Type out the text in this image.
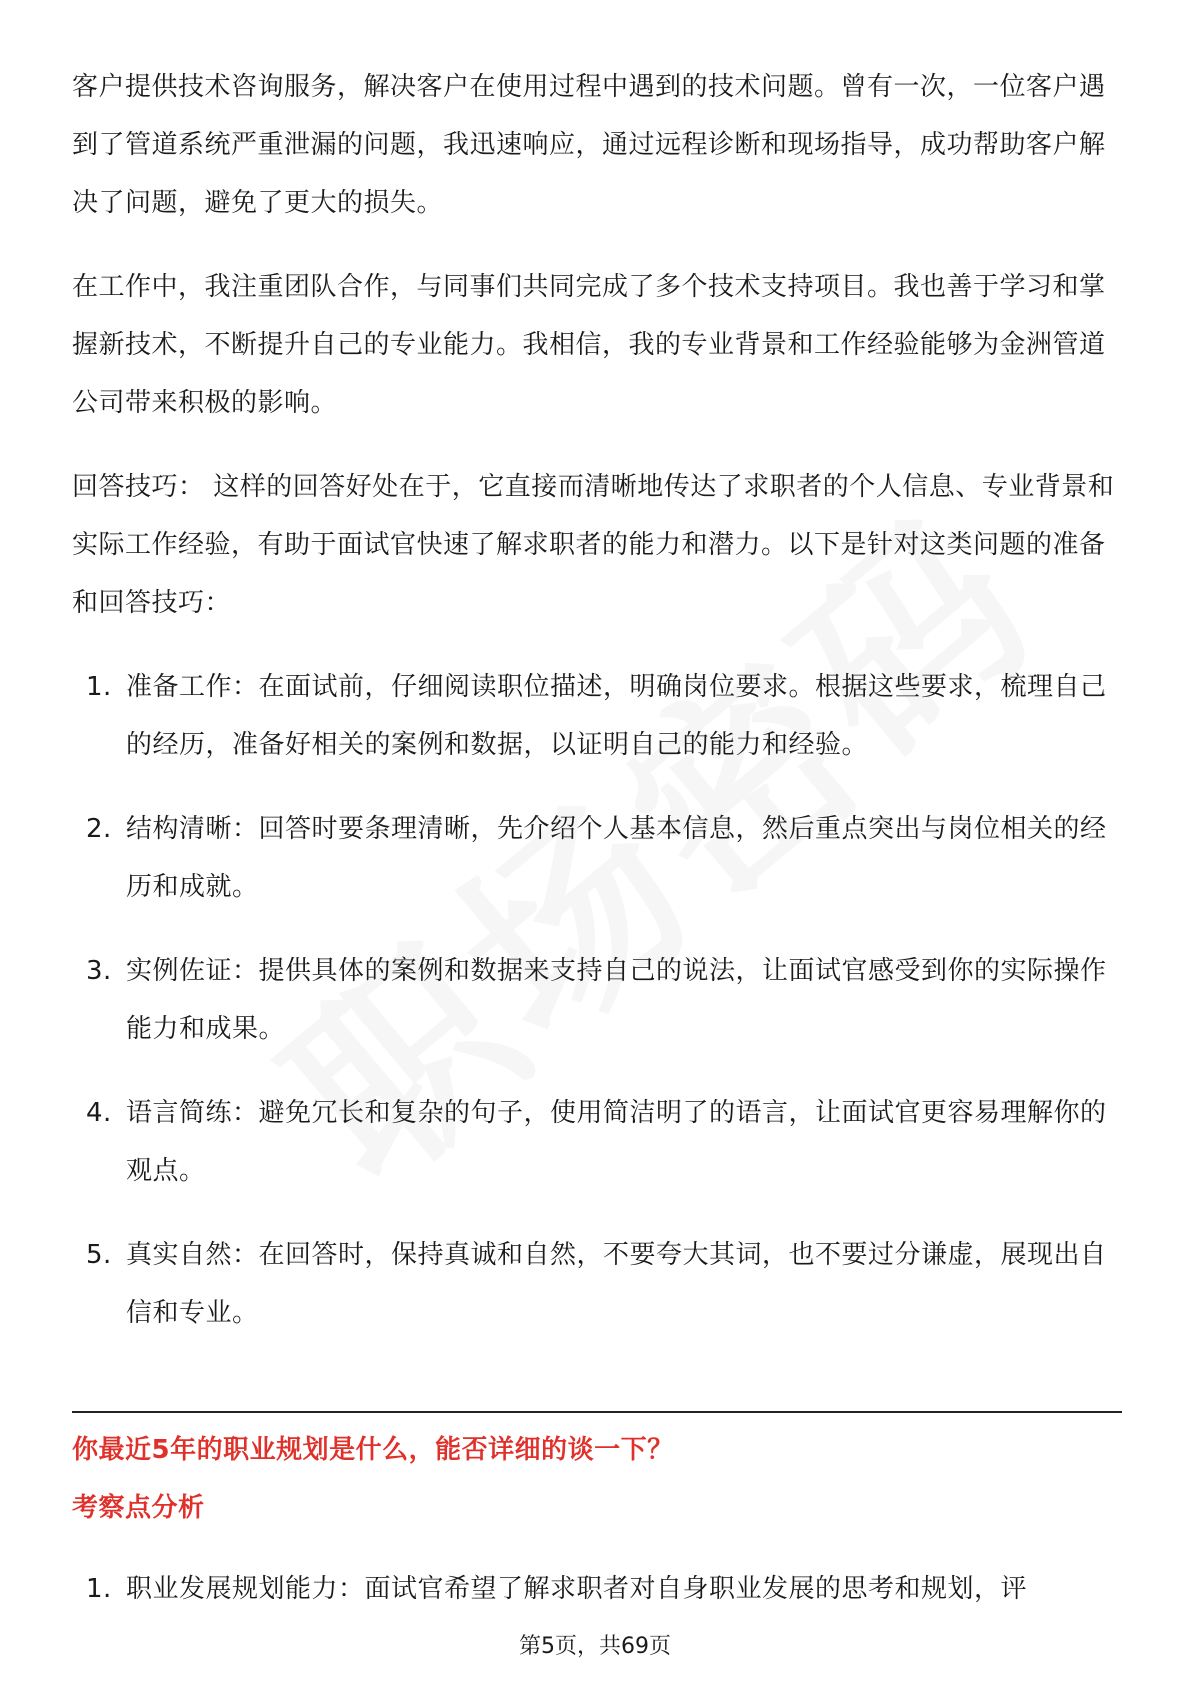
客户提供技术咨询服务，解决客户在使用过程中遇到的技术问题。曾有一次，一位客户遇到了管道系统严重泄漏的问题，我迅速响应，通过远程诊断和现场指导，成功帮助客户解决了问题，避免了更大的损失。

在工作中，我注重团队合作，与同事们共同完成了多个技术支持项目。我也善于学习和掌握新技术，不断提升自己的专业能力。我相信，我的专业背景和工作经验能够为金洲管道公司带来积极的影响。

回答技巧： 这样的回答好处在于，它直接而清晰地传达了求职者的个人信息、专业背景和实际工作经验，有助于面试官快速了解求职者的能力和潜力。以下是针对这类问题的准备和回答技巧：

1. 准备工作：在面试前，仔细阅读职位描述，明确岗位要求。根据这些要求，梳理自己的经历，准备好相关的案例和数据，以证明自己的能力和经验。
2. 结构清晰：回答时要条理清晰，先介绍个人基本信息，然后重点突出与岗位相关的经历和成就。
3. 实例佐证：提供具体的案例和数据来支持自己的说法，让面试官感受到你的实际操作能力和成果。
4. 语言简练：避免冗长和复杂的句子，使用简洁明了的语言，让面试官更容易理解你的观点。
5. 真实自然：在回答时，保持真诚和自然，不要夸大其词，也不要过分谦虚，展现出自信和专业。
你最近5年的职业规划是什么，能否详细的谈一下？
考察点分析
1. 职业发展规划能力：面试官希望了解求职者对自身职业发展的思考和规划，评
第5页，共69页
